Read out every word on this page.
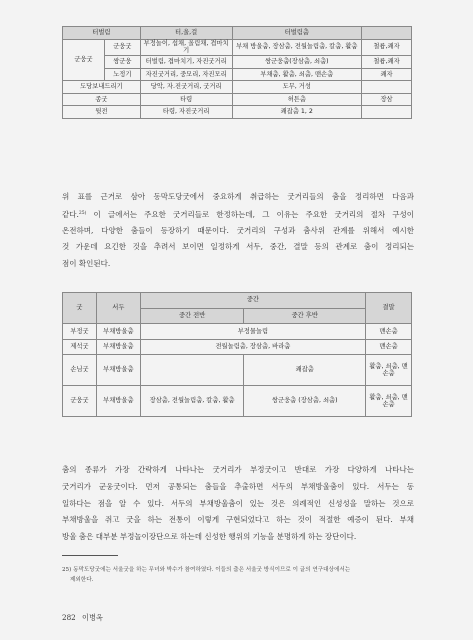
터벌림		터,울,걸	터벌림춤	
군웅굿	군웅굿	부정놀이, 섭채, 올림채, 겹마치기	부채 방울춤, 장삼춤, 전월놀림춤, 칼춤, 활춤	철륭,쾌자
	쌍군웅	터벌림, 겹마치기, 자진굿거리	쌍군웅춤(장삼춤, 쇠춤)	철륭,쾌자
	노정기	자진굿거리, 중모리, 자진모리	부채춤, 활춤, 쇠춤, 맨손춤	쾌자
도당보내드리기		당악, 자.진굿거리, 굿거리	도무, 거성	
종굿		타령	허튼춤	장삼
뒷전		타령, 자진굿거리	쾌잡춤 1, 2	
위 표를 근거로 삼아 동막도당굿에서 중요하게 취급하는 굿거리들의 춤을 정리하면 다음과
같다.$^{25)}$ 이 글에서는 주요한 굿거리들로 한정하는데, 그 이유는 주요한 굿거리의 절차 구성이
온전하며, 다양한 춤들이 등장하기 때문이다. 굿거리의 구성과 춤사위 관계를 위해서 예시한
것 가운데 요긴한 것을 추려서 보이면 일정하게 서두, 중간, 결말 등의 관계로 춤이 정리되는
점이 확인된다.
굿	서두	중간		결말
		중간 전반	중간 후반	
부정굿	부채방울춤	부정물놀림		맨손춤
제석굿	부채방울춤	전월놀림춤, 장삼춤, 바라춤		맨손춤
손님굿	부채방울춤		쾌잡춤	활춤, 쇠춤, 맨손춤
군웅굿	부채방울춤	장삼춤, 전월놀림춤, 칼춤, 활춤	쌍군웅춤 (장삼춤, 쇠춤)	활춤, 쇠춤, 맨손춤
춤의 종류가 가장 간략하게 나타나는 굿거리가 부정굿이고 반대로 가장 다양하게 나타나는
굿거리가 군웅굿이다. 먼저 공통되는 춤들을 추출하면 서두의 부채방울춤이 있다. 서두는 동
일하다는 점을 알 수 있다. 서두의 부채방울춤이 있는 것은 의례적인 신성성을 말하는 것으로
부채방울을 쥐고 굿을 하는 전통이 이렇게 구현되었다고 하는 것이 적절한 예증이 된다. 부채
방울 춤은 대부분 부정놀이장단으로 하는데 신성한 행위의 기능을 분명하게 하는 장단이다.
25) 동막도당굿에는 서울굿을 하는 무녀와 박수가 참여하였다. 이들의 춤은 서울굿 방식이므로 이 글의 연구대상에서는
제외한다.
282 이병옥
